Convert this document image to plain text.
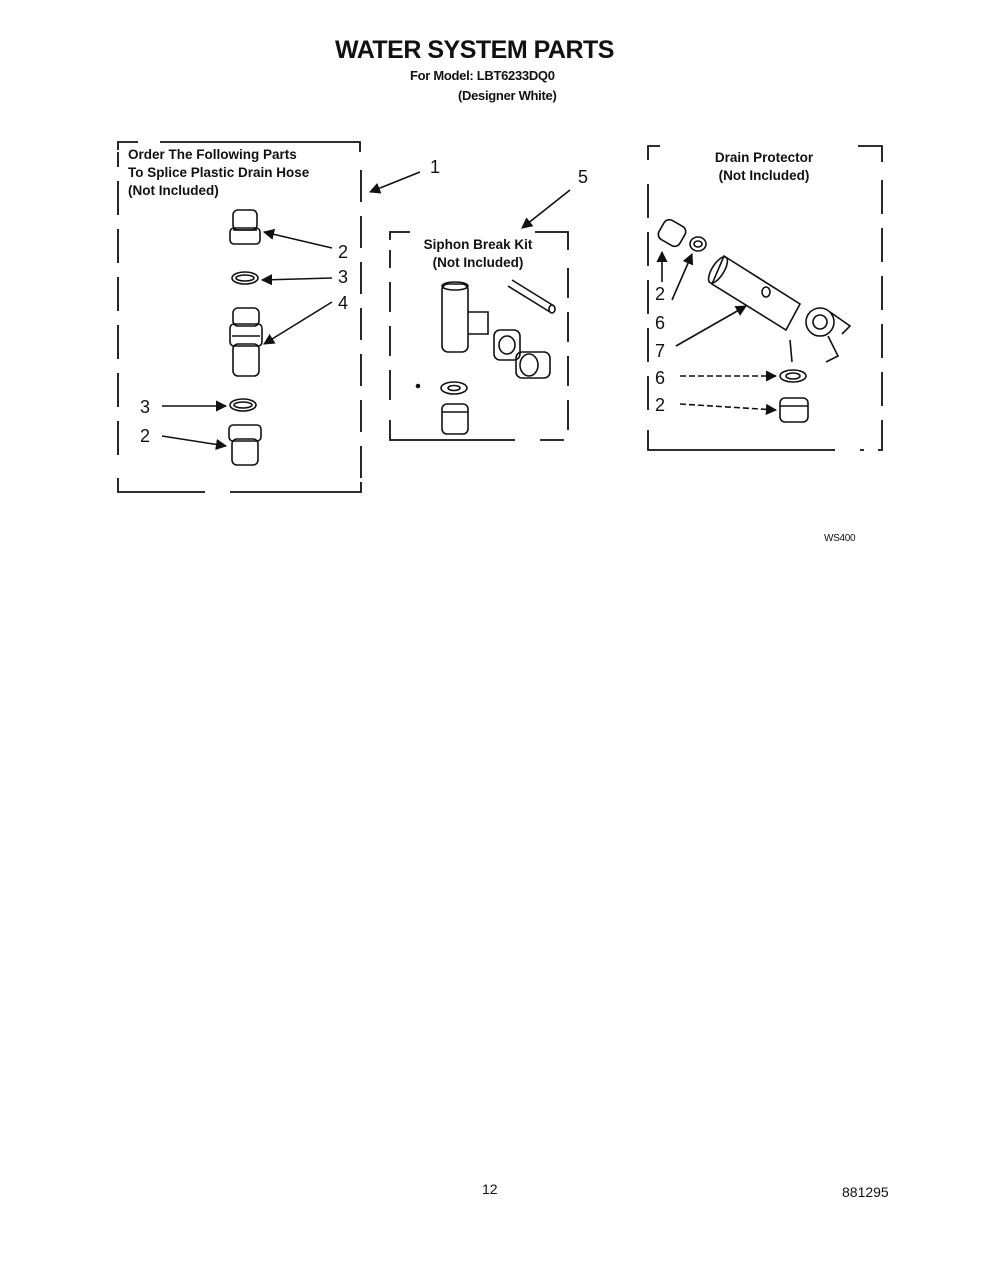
WATER SYSTEM PARTS
For Model: LBT6233DQ0
(Designer White)
Order The Following Parts
To Splice Plastic Drain Hose
(Not Included)
Siphon Break Kit
(Not Included)
Drain Protector
(Not Included)
1	5
2
3
4
3
2
2
6
7
6
2
WS400
12	881295
